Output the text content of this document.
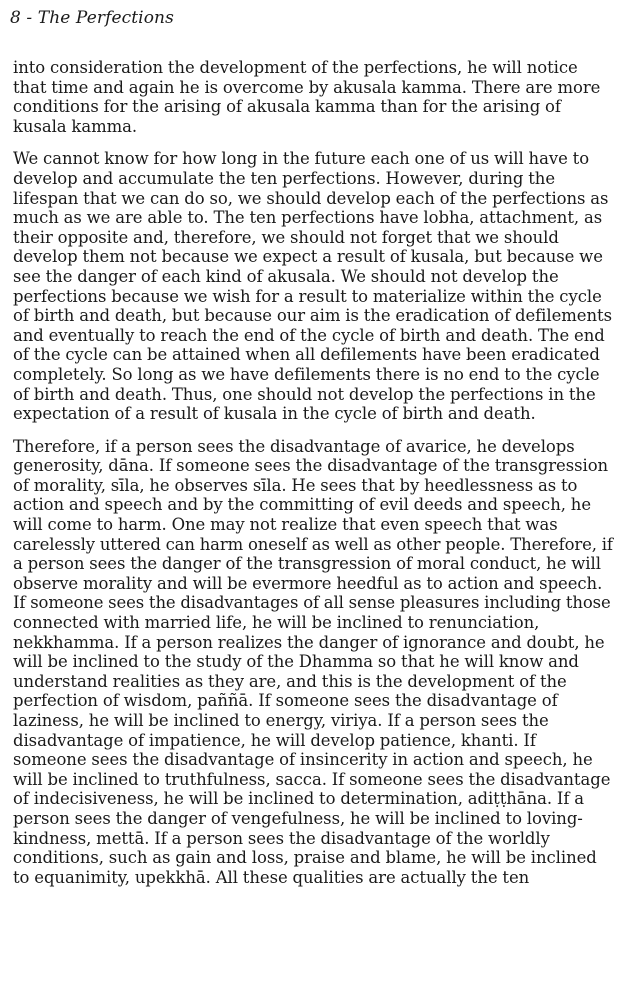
8 - The Perfections

into consideration the development of the perfections, he will notice
that time and again he is overcome by akusala kamma. There are more
conditions for the arising of akusala kamma than for the arising of
kusala kamma.

We cannot know for how long in the future each one of us will have to
develop and accumulate the ten perfections. However, during the
lifespan that we can do so, we should develop each of the perfections as
much as we are able to. The ten perfections have lobha, attachment, as
their opposite and, therefore, we should not forget that we should
develop them not because we expect a result of kusala, but because we
see the danger of each kind of akusala. We should not develop the
perfections because we wish for a result to materialize within the cycle
of birth and death, but because our aim is the eradication of defilements
and eventually to reach the end of the cycle of birth and death. The end
of the cycle can be attained when all defilements have been eradicated
completely. So long as we have defilements there is no end to the cycle
of birth and death. Thus, one should not develop the perfections in the
expectation of a result of kusala in the cycle of birth and death.

Therefore, if a person sees the disadvantage of avarice, he develops
generosity, dāna. If someone sees the disadvantage of the transgression
of morality, sīla, he observes sīla. He sees that by heedlessness as to
action and speech and by the committing of evil deeds and speech, he
will come to harm. One may not realize that even speech that was
carelessly uttered can harm oneself as well as other people. Therefore, if
a person sees the danger of the transgression of moral conduct, he will
observe morality and will be evermore heedful as to action and speech.
If someone sees the disadvantages of all sense pleasures including those
connected with married life, he will be inclined to renunciation,
nekkhamma. If a person realizes the danger of ignorance and doubt, he
will be inclined to the study of the Dhamma so that he will know and
understand realities as they are, and this is the development of the
perfection of wisdom, paññā. If someone sees the disadvantage of
laziness, he will be inclined to energy, viriya. If a person sees the
disadvantage of impatience, he will develop patience, khanti. If
someone sees the disadvantage of insincerity in action and speech, he
will be inclined to truthfulness, sacca. If someone sees the disadvantage
of indecisiveness, he will be inclined to determination, adiṭṭhāna. If a
person sees the danger of vengefulness, he will be inclined to loving-
kindness, mettā. If a person sees the disadvantage of the worldly
conditions, such as gain and loss, praise and blame, he will be inclined
to equanimity, upekkhā. All these qualities are actually the ten
